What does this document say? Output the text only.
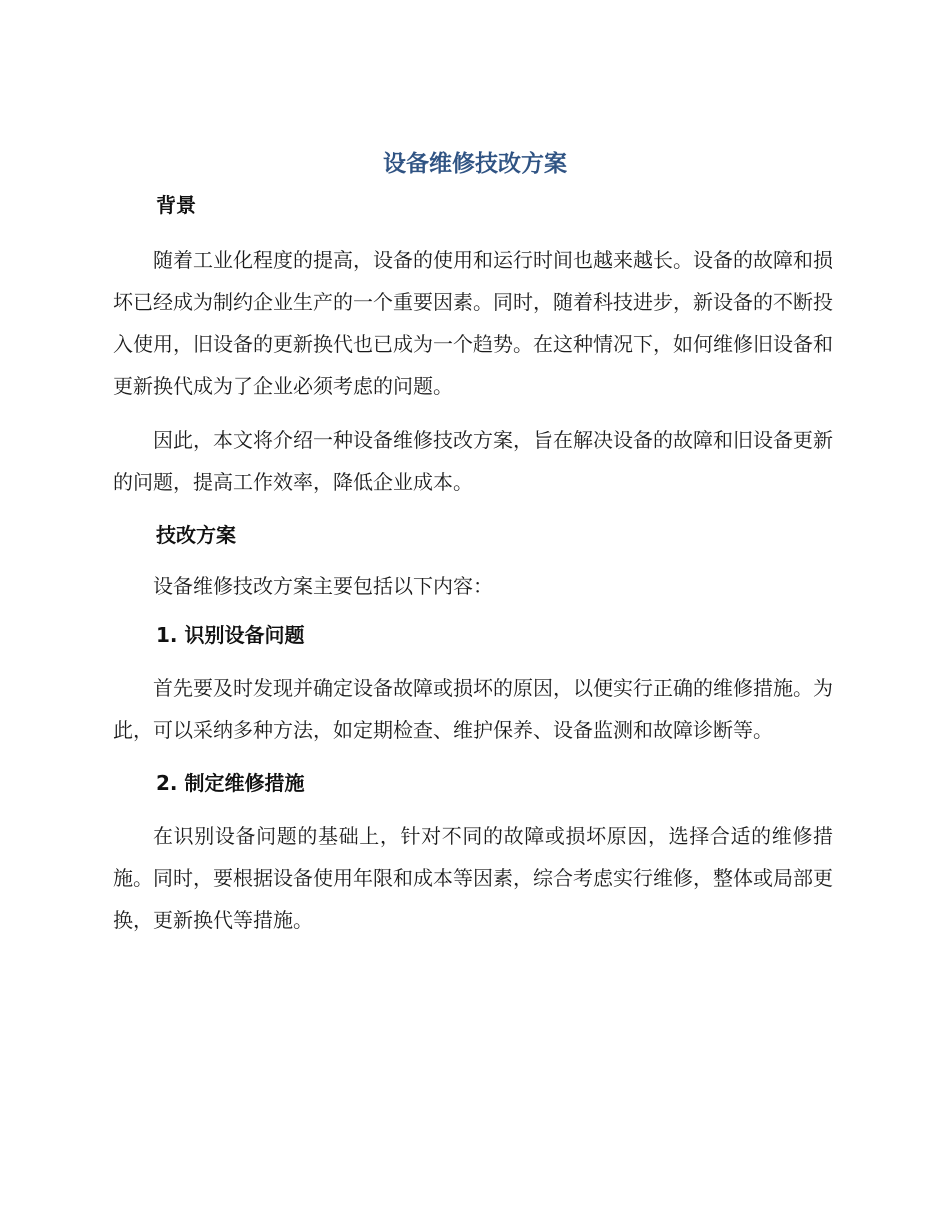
设备维修技改方案
背景

随着工业化程度的提高，设备的使用和运行时间也越来越长。设备的故障和损坏已经成为制约企业生产的一个重要因素。同时，随着科技进步，新设备的不断投入使用，旧设备的更新换代也已成为一个趋势。在这种情况下，如何维修旧设备和更新换代成为了企业必须考虑的问题。

因此，本文将介绍一种设备维修技改方案，旨在解决设备的故障和旧设备更新的问题，提高工作效率，降低企业成本。

技改方案

设备维修技改方案主要包括以下内容：

1. 识别设备问题

首先要及时发现并确定设备故障或损坏的原因，以便实行正确的维修措施。为此，可以采纳多种方法，如定期检查、维护保养、设备监测和故障诊断等。

2. 制定维修措施

在识别设备问题的基础上，针对不同的故障或损坏原因，选择合适的维修措施。同时，要根据设备使用年限和成本等因素，综合考虑实行维修，整体或局部更换，更新换代等措施。
